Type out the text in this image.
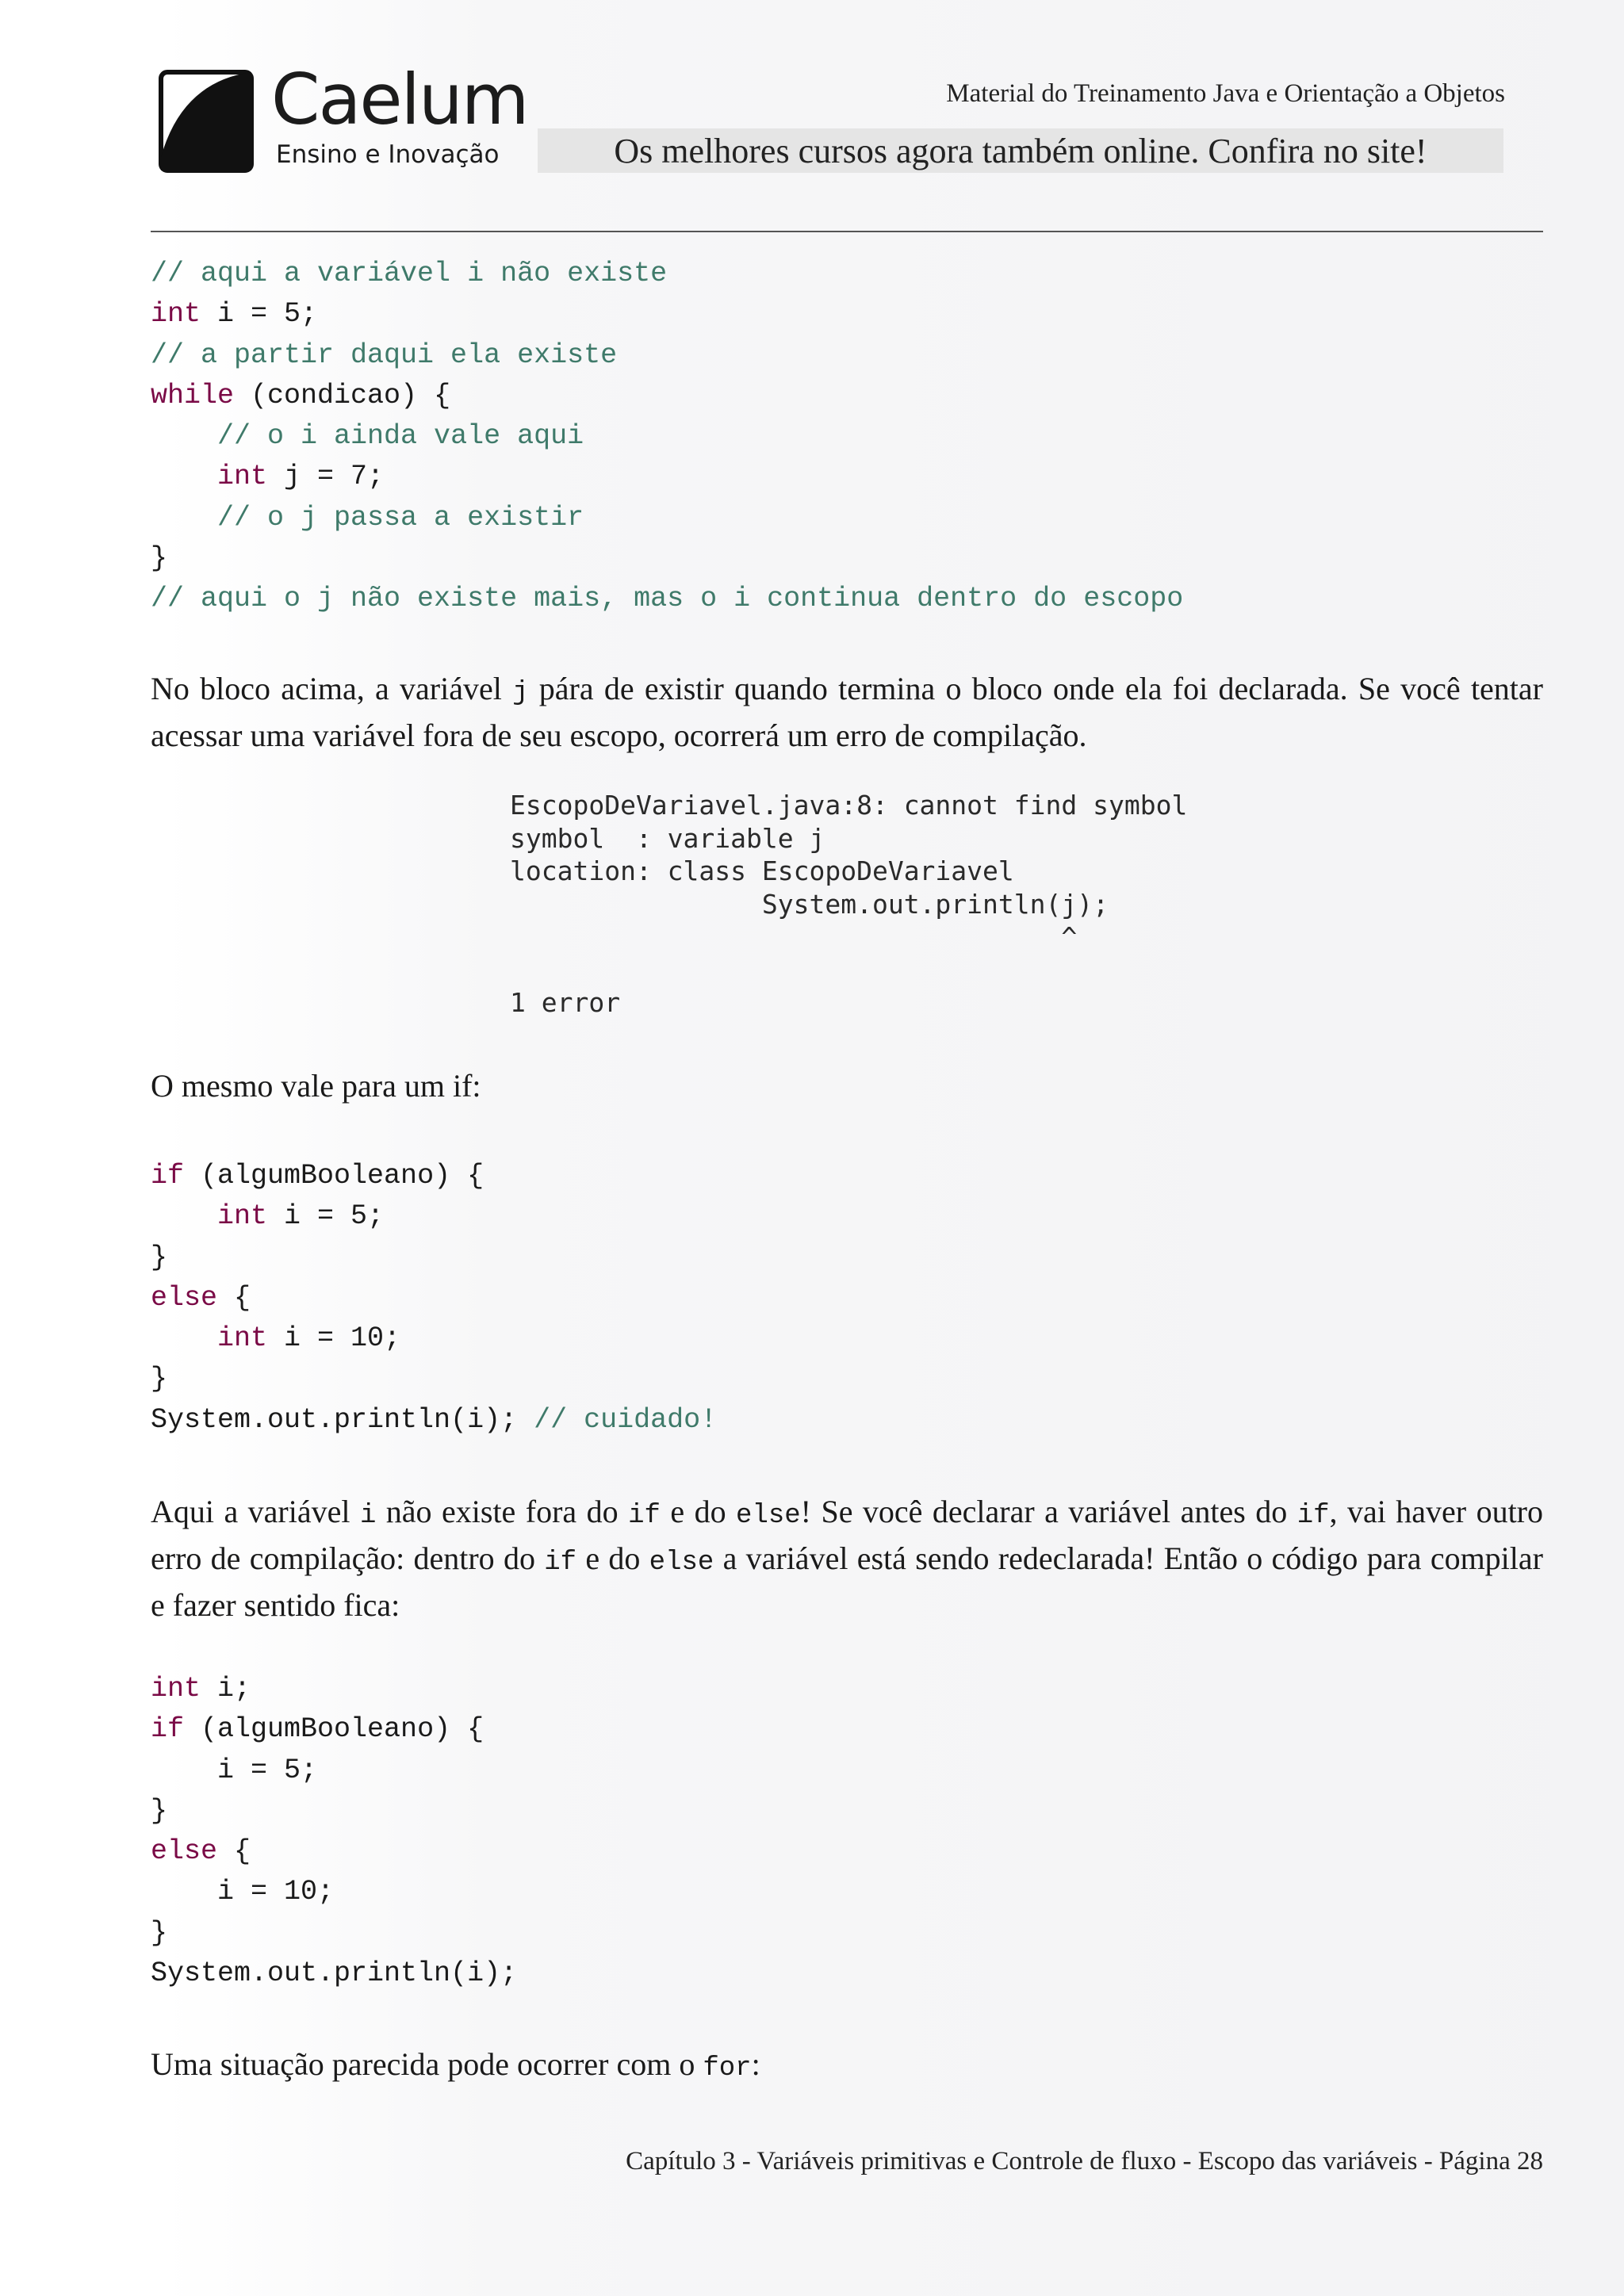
* Caelum
Ensino e Inovação
Material do Treinamento Java e Orientação a Objetos
Os melhores cursos agora também online. Confira no site!
// aqui a variável i não existe
int i = 5;
// a partir daqui ela existe
while (condicao) {
// o i ainda vale aqui
int j = 7;
// o j passa a existir
}
// aqui o j não existe mais, mas o i continua dentro do escopo

No bloco acima, a variável j pára de existir quando termina o bloco onde ela foi declarada. Se você tentar acessar uma variável fora de seu escopo, ocorrerá um erro de compilação.

EscopoDeVariavel.java:8: cannot find symbol
symbol  : variable j
location: class EscopoDeVariavel
System.out.println(j);
^
1 error

O mesmo vale para um if:

if (algumBooleano) {
int i = 5;
}
else {
int i = 10;
}
System.out.println(i); // cuidado!

Aqui a variável i não existe fora do if e do else! Se você declarar a variável antes do if, vai haver outro erro de compilação: dentro do if e do else a variável está sendo redeclarada! Então o código para compilar e fazer sentido fica:

int i;
if (algumBooleano) {
i = 5;
}
else {
i = 10;
}
System.out.println(i);

Uma situação parecida pode ocorrer com o for:

Capítulo 3 - Variáveis primitivas e Controle de fluxo - Escopo das variáveis - Página 28
